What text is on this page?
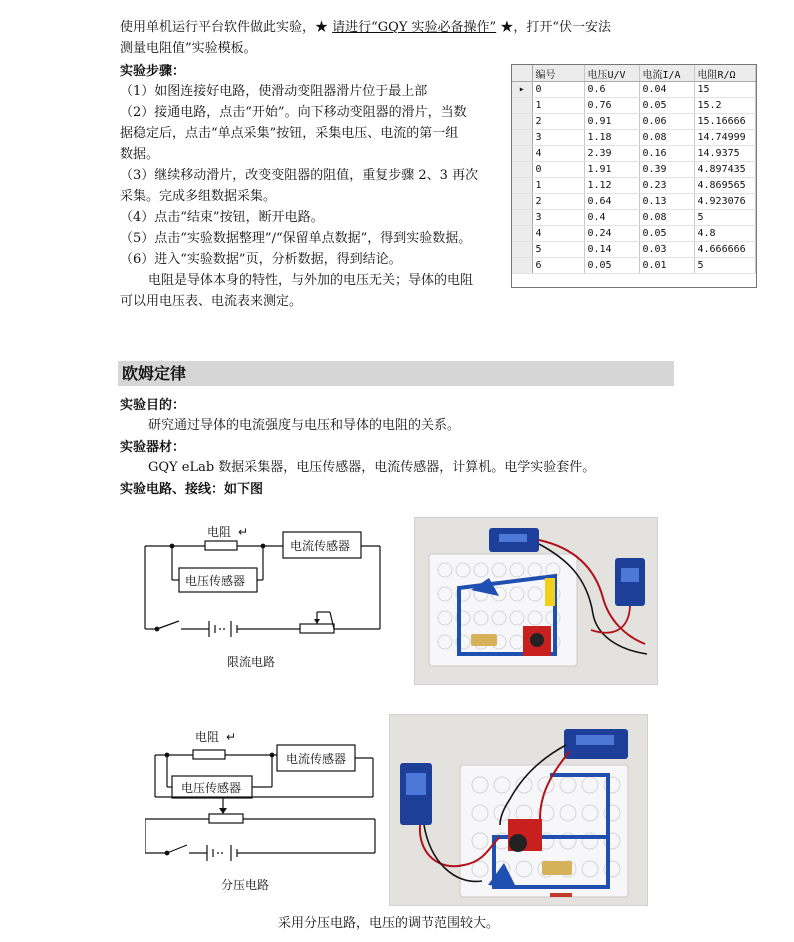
使用单机运行平台软件做此实验，★ 请进行“GQY 实验必备操作” ★，打开“伏一安法
测量电阻值”实验模板。
实验步骤：
（1）如图连接好电路，使滑动变阻器滑片位于最上部
（2）接通电路，点击“开始”。向下移动变阻器的滑片，当数
据稳定后，点击“单点采集”按钮，采集电压、电流的第一组
数据。
（3）继续移动滑片，改变变阻器的阻值，重复步骤 2、3 再次
采集。完成多组数据采集。
（4）点击“结束”按钮，断开电路。
（5）点击“实验数据整理”/“保留单点数据”，得到实验数据。
（6）进入“实验数据”页，分析数据，得到结论。
电阻是导体本身的特性，与外加的电压无关；导体的电阻
可以用电压表、电流表来测定。
	编号	电压U/V	电流I/A	电阻R/Ω
▸	0	0.6	0.04	15
	1	0.76	0.05	15.2
	2	0.91	0.06	15.16666
	3	1.18	0.08	14.74999
	4	2.39	0.16	14.9375
	0	1.91	0.39	4.897435
	1	1.12	0.23	4.869565
	2	0.64	0.13	4.923076
	3	0.4	0.08	5
	4	0.24	0.05	4.8
	5	0.14	0.03	4.666666
	6	0.05	0.01	5
欧姆定律
实验目的：
研究通过导体的电流强度与电压和导体的电阻的关系。
实验器材：
GQY eLab 数据采集器，电压传感器，电流传感器，计算机。电学实验套件。
实验电路、接线：如下图
电阻 ↵
电流传感器
电压传感器
限流电路
电阻 ↵
电流传感器
电压传感器
分压电路
采用分压电路，电压的调节范围较大。
